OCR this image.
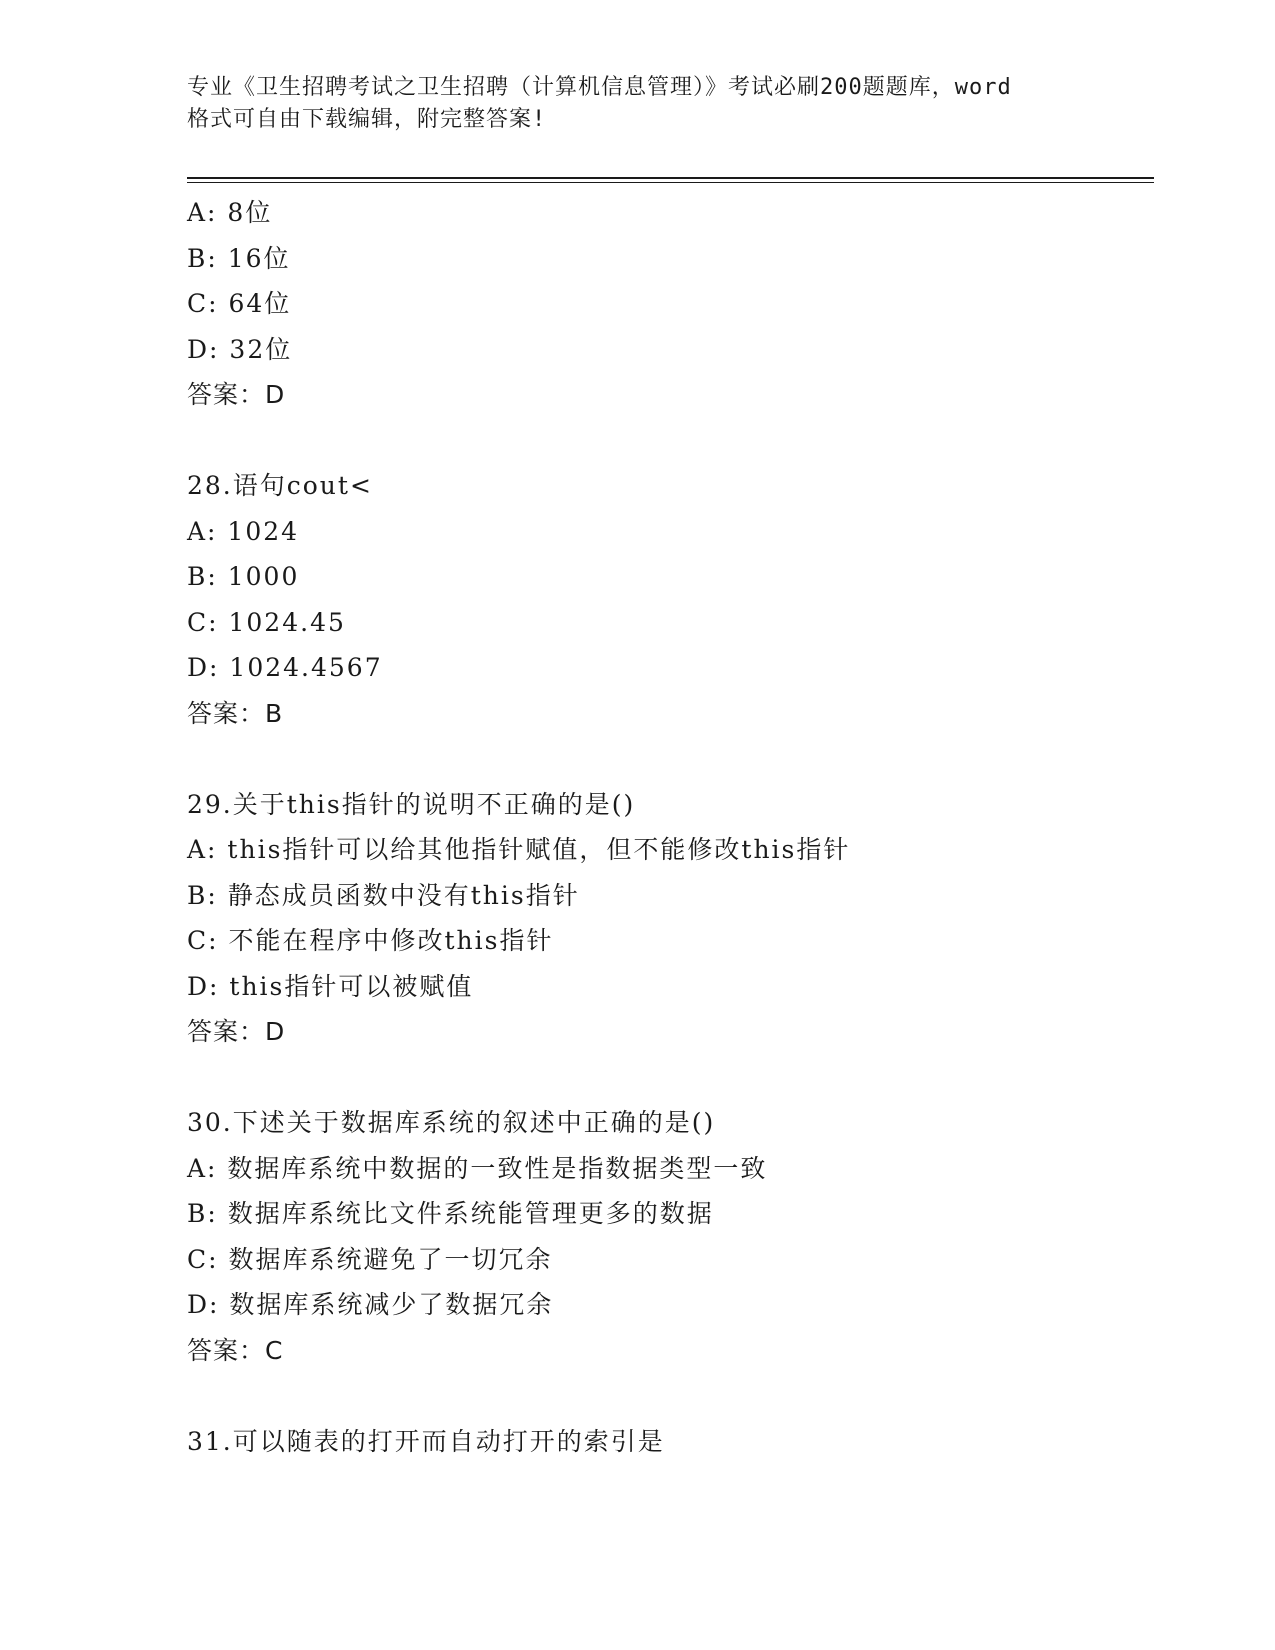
专业《卫生招聘考试之卫生招聘（计算机信息管理）》考试必刷200题题库，word

格式可自由下载编辑，附完整答案!

A: 8位
B: 16位
C: 64位
D: 32位
答案：D
28.语句cout<
A: 1024
B: 1000
C: 1024.45
D: 1024.4567
答案：B
29.关于this指针的说明不正确的是()
A: this指针可以给其他指针赋值，但不能修改this指针
B: 静态成员函数中没有this指针
C: 不能在程序中修改this指针
D: this指针可以被赋值
答案：D
30.下述关于数据库系统的叙述中正确的是()
A: 数据库系统中数据的一致性是指数据类型一致
B: 数据库系统比文件系统能管理更多的数据
C: 数据库系统避免了一切冗余
D: 数据库系统减少了数据冗余
答案：C
31.可以随表的打开而自动打开的索引是
